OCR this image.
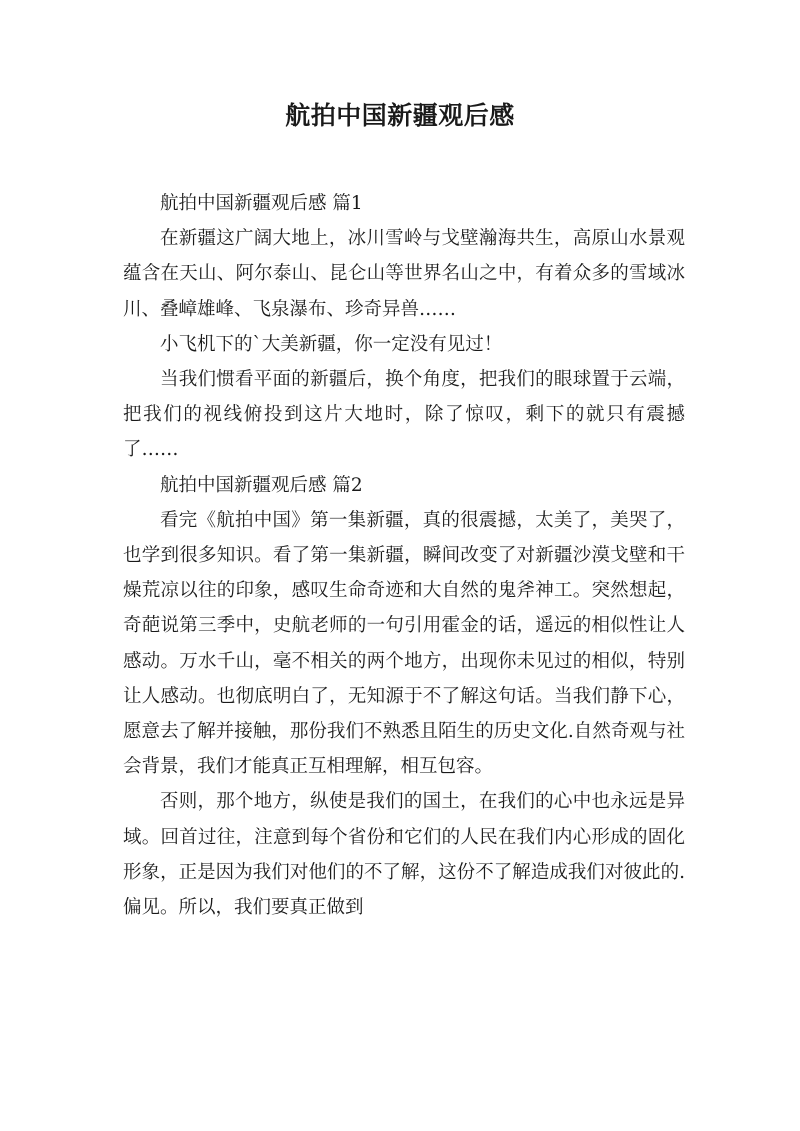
航拍中国新疆观后感

航拍中国新疆观后感 篇1

在新疆这广阔大地上，冰川雪岭与戈壁瀚海共生，高原山水景观蕴含在天山、阿尔泰山、昆仑山等世界名山之中，有着众多的雪域冰川、叠嶂雄峰、飞泉瀑布、珍奇异兽……

小飞机下的`大美新疆，你一定没有见过！

当我们惯看平面的新疆后，换个角度，把我们的眼球置于云端，把我们的视线俯投到这片大地时，除了惊叹，剩下的就只有震撼了……

航拍中国新疆观后感 篇2

看完《航拍中国》第一集新疆，真的很震撼，太美了，美哭了，也学到很多知识。看了第一集新疆，瞬间改变了对新疆沙漠戈壁和干燥荒凉以往的印象，感叹生命奇迹和大自然的鬼斧神工。突然想起，奇葩说第三季中，史航老师的一句引用霍金的话，遥远的相似性让人感动。万水千山，毫不相关的两个地方，出现你未见过的相似，特别让人感动。也彻底明白了，无知源于不了解这句话。当我们静下心，愿意去了解并接触，那份我们不熟悉且陌生的历史文化.自然奇观与社会背景，我们才能真正互相理解，相互包容。

否则，那个地方，纵使是我们的国土，在我们的心中也永远是异域。回首过往，注意到每个省份和它们的人民在我们内心形成的固化形象，正是因为我们对他们的不了解，这份不了解造成我们对彼此的.偏见。所以，我们要真正做到
